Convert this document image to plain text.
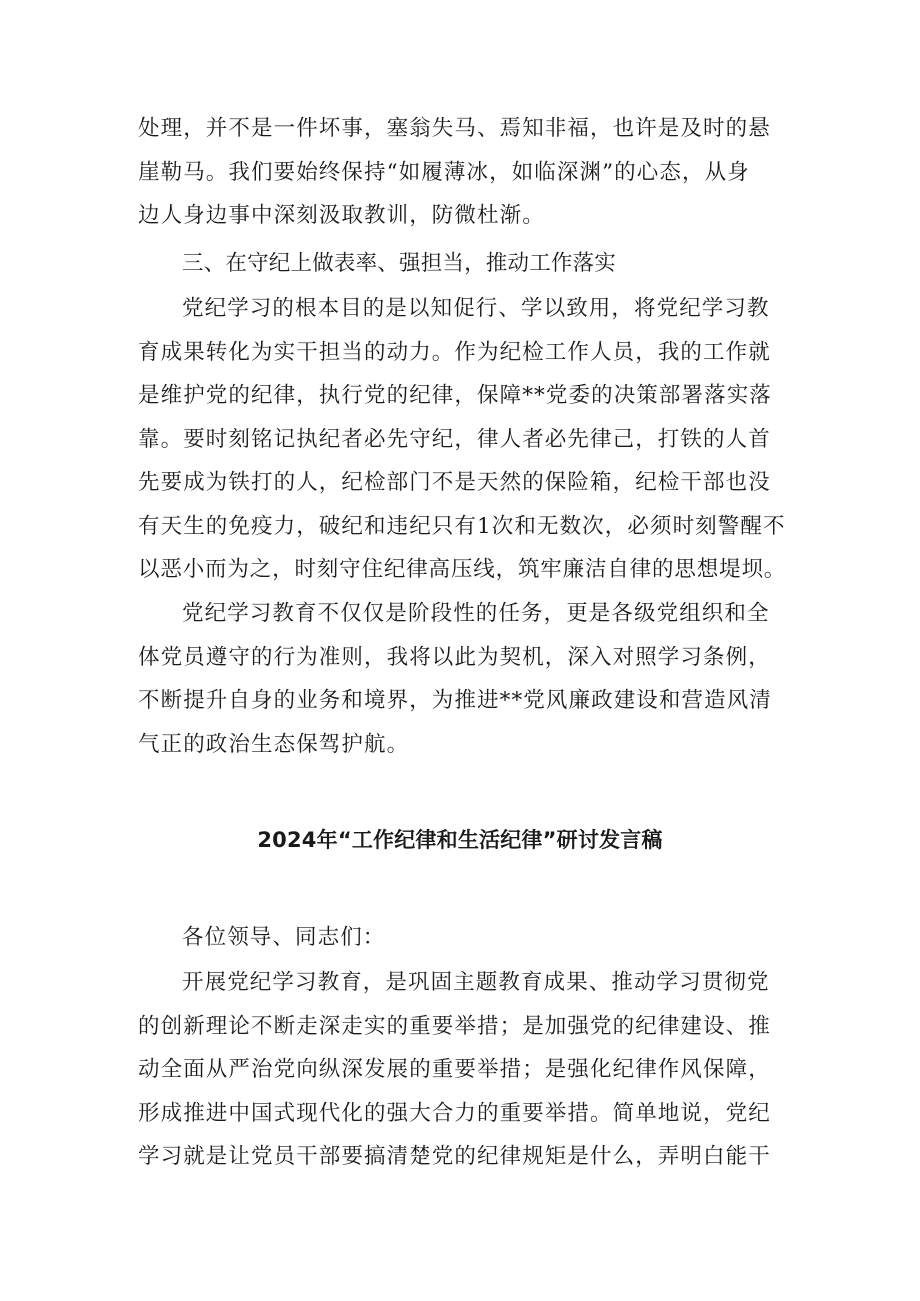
处理，并不是一件坏事，塞翁失马、焉知非福，也许是及时的悬
崖勒马。我们要始终保持“如履薄冰，如临深渊”的心态，从身
边人身边事中深刻汲取教训，防微杜渐。
三、在守纪上做表率、强担当，推动工作落实
党纪学习的根本目的是以知促行、学以致用，将党纪学习教
育成果转化为实干担当的动力。作为纪检工作人员，我的工作就
是维护党的纪律，执行党的纪律，保障**党委的决策部署落实落
靠。要时刻铭记执纪者必先守纪，律人者必先律己，打铁的人首
先要成为铁打的人，纪检部门不是天然的保险箱，纪检干部也没
有天生的免疫力，破纪和违纪只有1次和无数次，必须时刻警醒不
以恶小而为之，时刻守住纪律高压线，筑牢廉洁自律的思想堤坝。
党纪学习教育不仅仅是阶段性的任务，更是各级党组织和全
体党员遵守的行为准则，我将以此为契机，深入对照学习条例，
不断提升自身的业务和境界，为推进**党风廉政建设和营造风清
气正的政治生态保驾护航。
2024年“工作纪律和生活纪律”研讨发言稿
各位领导、同志们：
开展党纪学习教育，是巩固主题教育成果、推动学习贯彻党
的创新理论不断走深走实的重要举措；是加强党的纪律建设、推
动全面从严治党向纵深发展的重要举措；是强化纪律作风保障，
形成推进中国式现代化的强大合力的重要举措。简单地说，党纪
学习就是让党员干部要搞清楚党的纪律规矩是什么，弄明白能干
